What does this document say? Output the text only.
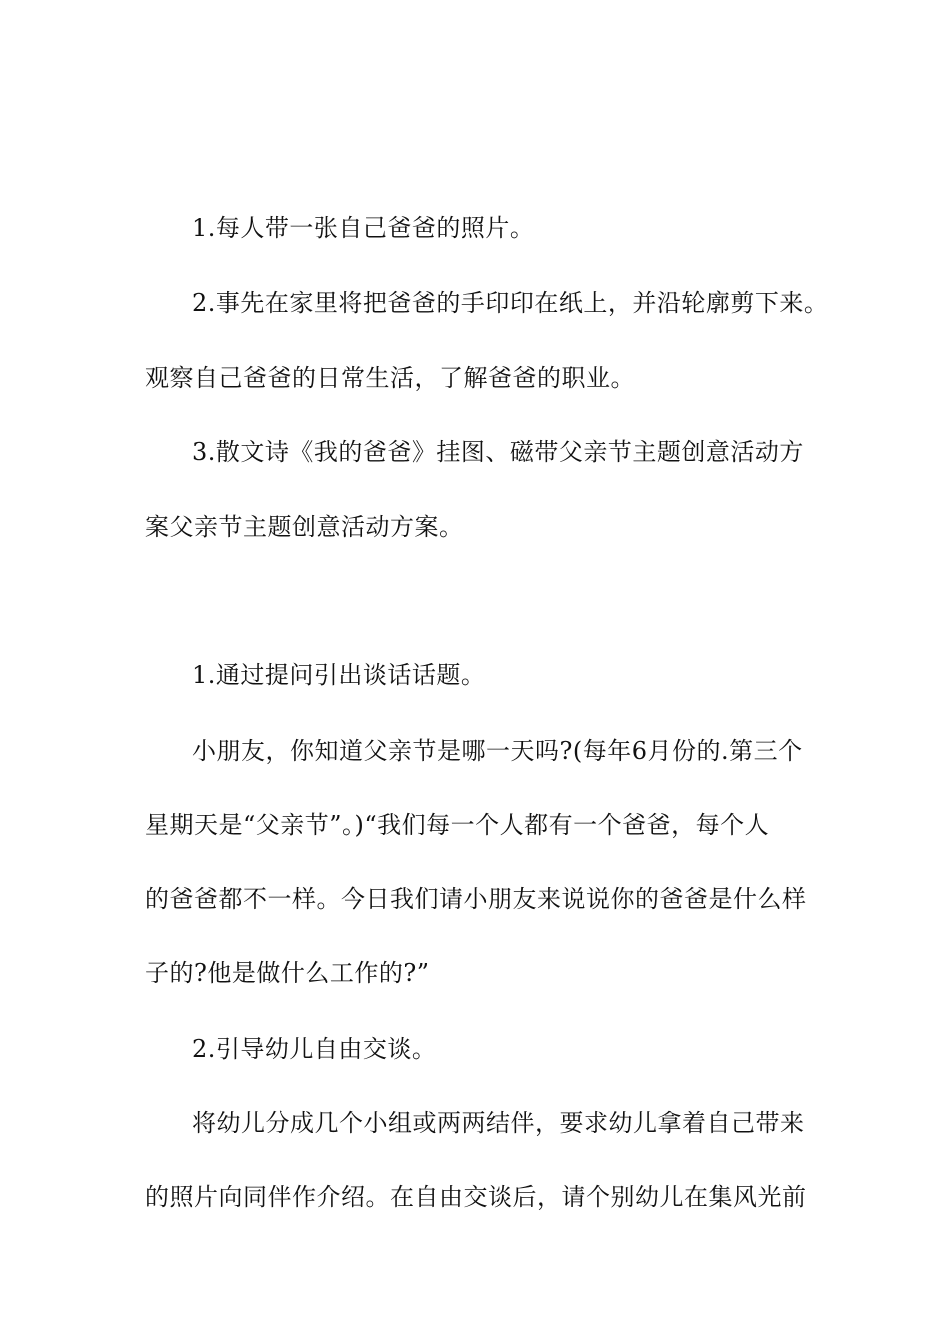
1.每人带一张自己爸爸的照片。
2.事先在家里将把爸爸的手印印在纸上，并沿轮廓剪下来。
观察自己爸爸的日常生活，了解爸爸的职业。
3.散文诗《我的爸爸》挂图、磁带父亲节主题创意活动方
案父亲节主题创意活动方案。
1.通过提问引出谈话话题。
小朋友，你知道父亲节是哪一天吗?(每年6月份的.第三个
星期天是“父亲节”。)“我们每一个人都有一个爸爸，每个人
的爸爸都不一样。今日我们请小朋友来说说你的爸爸是什么样
子的?他是做什么工作的?”
2.引导幼儿自由交谈。
将幼儿分成几个小组或两两结伴，要求幼儿拿着自己带来
的照片向同伴作介绍。在自由交谈后，请个别幼儿在集风光前
